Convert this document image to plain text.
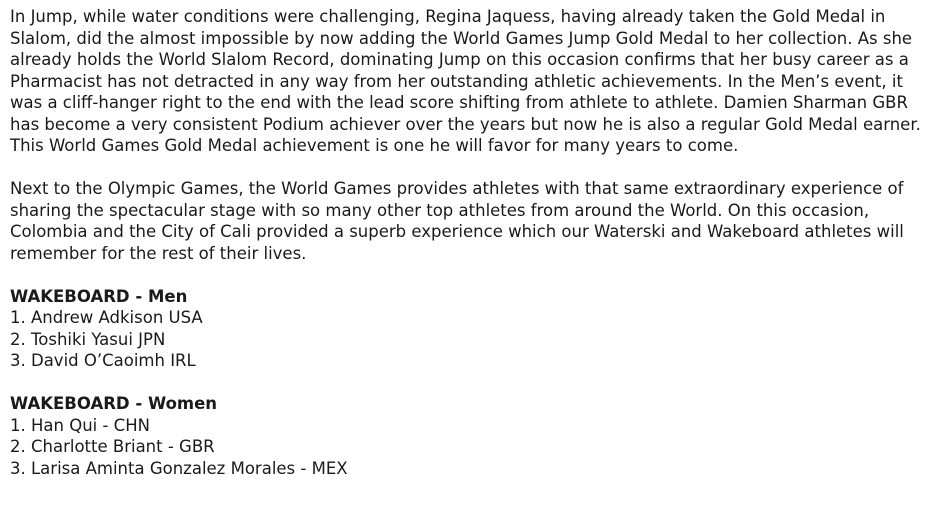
In Jump, while water conditions were challenging, Regina Jaquess, having already taken the Gold Medal in Slalom, did the almost impossible by now adding the World Games Jump Gold Medal to her collection. As she already holds the World Slalom Record, dominating Jump on this occasion confirms that her busy career as a Pharmacist has not detracted in any way from her outstanding athletic achievements. In the Men’s event, it was a cliff-hanger right to the end with the lead score shifting from athlete to athlete. Damien Sharman GBR has become a very consistent Podium achiever over the years but now he is also a regular Gold Medal earner. This World Games Gold Medal achievement is one he will favor for many years to come.

Next to the Olympic Games, the World Games provides athletes with that same extraordinary experience of sharing the spectacular stage with so many other top athletes from around the World. On this occasion, Colombia and the City of Cali provided a superb experience which our Waterski and Wakeboard athletes will remember for the rest of their lives.

WAKEBOARD - Men
1. Andrew Adkison USA
2. Toshiki Yasui JPN
3. David O’Caoimh IRL
WAKEBOARD - Women
1. Han Qui - CHN
2. Charlotte Briant - GBR
3. Larisa Aminta Gonzalez Morales - MEX
